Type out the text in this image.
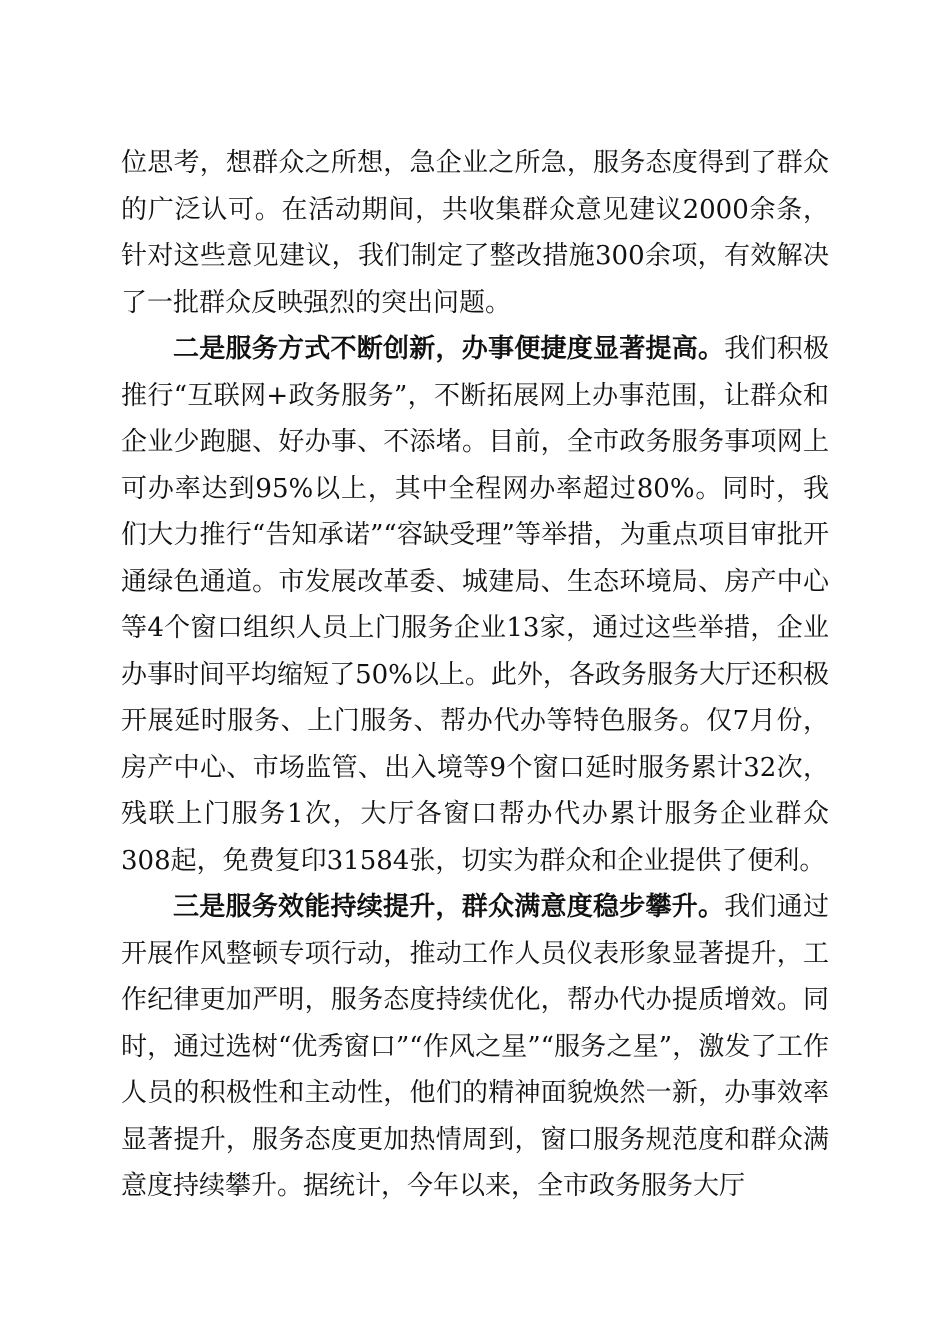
位思考，想群众之所想，急企业之所急，服务态度得到了群众的广泛认可。在活动期间，共收集群众意见建议2000余条，针对这些意见建议，我们制定了整改措施300余项，有效解决了一批群众反映强烈的突出问题。

二是服务方式不断创新，办事便捷度显著提高。我们积极推行“互联网+政务服务”，不断拓展网上办事范围，让群众和企业少跑腿、好办事、不添堵。目前，全市政务服务事项网上可办率达到95%以上，其中全程网办率超过80%。同时，我们大力推行“告知承诺”“容缺受理”等举措，为重点项目审批开通绿色通道。市发展改革委、城建局、生态环境局、房产中心等4个窗口组织人员上门服务企业13家，通过这些举措，企业办事时间平均缩短了50%以上。此外，各政务服务大厅还积极开展延时服务、上门服务、帮办代办等特色服务。仅7月份，房产中心、市场监管、出入境等9个窗口延时服务累计32次，残联上门服务1次，大厅各窗口帮办代办累计服务企业群众308起，免费复印31584张，切实为群众和企业提供了便利。

三是服务效能持续提升，群众满意度稳步攀升。我们通过开展作风整顿专项行动，推动工作人员仪表形象显著提升，工作纪律更加严明，服务态度持续优化，帮办代办提质增效。同时，通过选树“优秀窗口”“作风之星”“服务之星”，激发了工作人员的积极性和主动性，他们的精神面貌焕然一新，办事效率显著提升，服务态度更加热情周到，窗口服务规范度和群众满意度持续攀升。据统计，今年以来，全市政务服务大厅
